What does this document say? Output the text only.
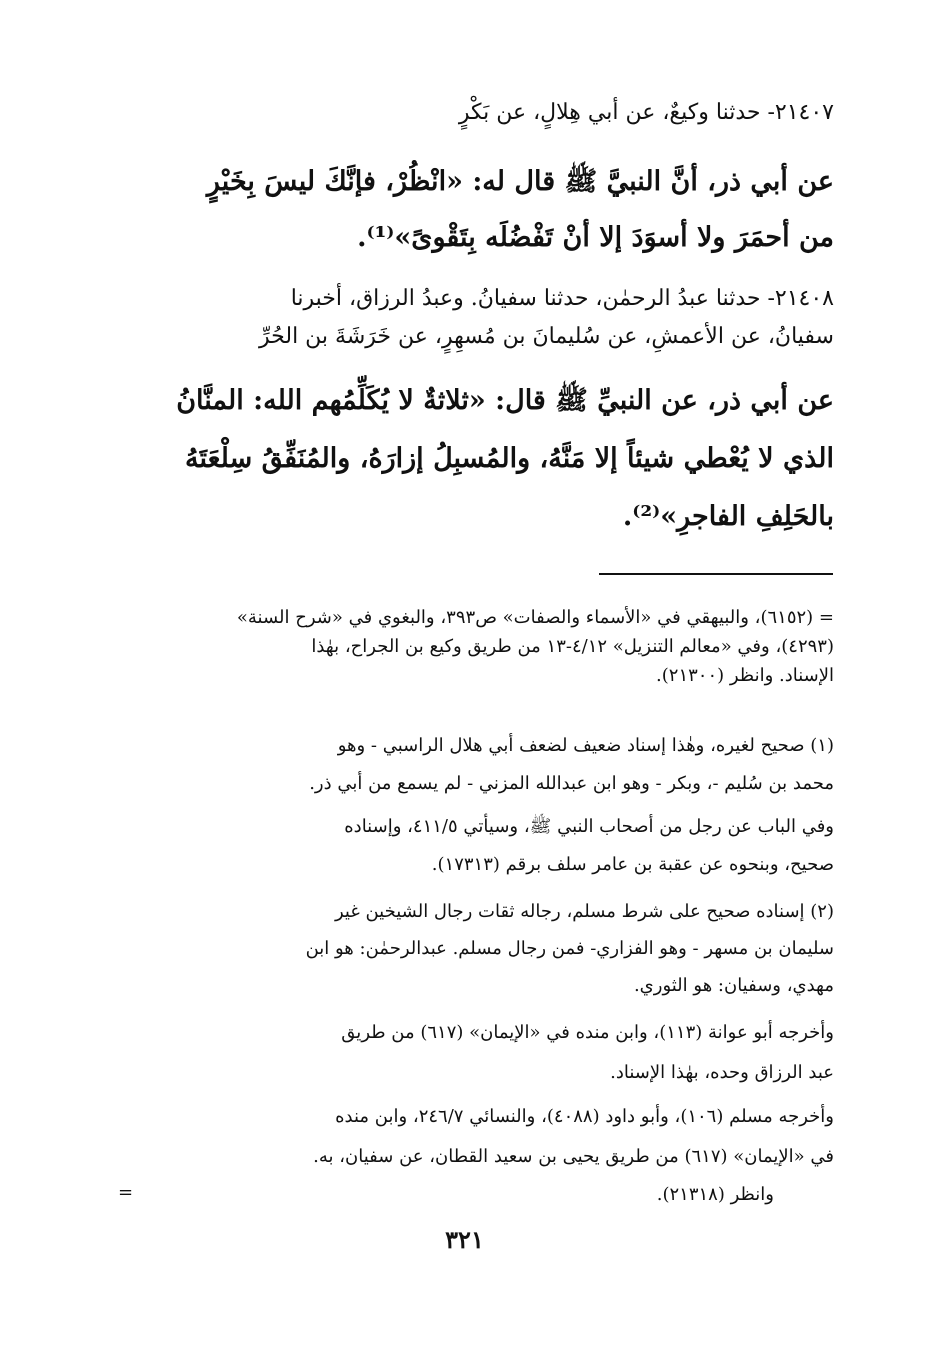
٢١٤٠٧- حدثنا وكيعٌ، عن أبي هِلالٍ، عن بَكْرٍ
عن أبي ذر، أنَّ النبيَّ ﷺ قال له: «انْظُرْ، فإنَّكَ ليسَ بِخَيْرٍ
من أحمَرَ ولا أسوَدَ إلا أنْ تَفْضُلَه بِتَقْوىً»⁽¹⁾.
٢١٤٠٨- حدثنا عبدُ الرحمٰن، حدثنا سفيانُ. وعبدُ الرزاق، أخبرنا
سفيانُ، عن الأعمشِ، عن سُليمانَ بن مُسهِرٍ، عن خَرَشَةَ بن الحُرِّ
عن أبي ذر، عن النبيِّ ﷺ قال: «ثلاثةٌ لا يُكَلِّمُهم الله: المنَّانُ
الذي لا يُعْطي شيئاً إلا مَنَّهُ، والمُسبِلُ إزارَهُ، والمُنَفِّقُ سِلْعَتَهُ
بالحَلِفِ الفاجرِ»⁽²⁾.
= (٦١٥٢)، والبيهقي في «الأسماء والصفات» ص٣٩٣، والبغوي في «شرح السنة»
(٤٢٩٣)، وفي «معالم التنزيل» ٤/١٢-١٣ من طريق وكيع بن الجراح، بهٰذا
الإسناد. وانظر (٢١٣٠٠).
(١) صحيح لغيره، وهٰذا إسناد ضعيف لضعف أبي هلال الراسبي - وهو
محمد بن سُليم -، وبكر - وهو ابن عبدالله المزني - لم يسمع من أبي ذر.
وفي الباب عن رجل من أصحاب النبي ﷺ، وسيأتي ٤١١/٥، وإسناده
صحيح، وبنحوه عن عقبة بن عامر سلف برقم (١٧٣١٣).
(٢) إسناده صحيح على شرط مسلم، رجاله ثقات رجال الشيخين غير
سليمان بن مسهر - وهو الفزاري- فمن رجال مسلم. عبدالرحمٰن: هو ابن
مهدي، وسفيان: هو الثوري.
وأخرجه أبو عوانة (١١٣)، وابن منده في «الإيمان» (٦١٧) من طريق
عبد الرزاق وحده، بهٰذا الإسناد.
وأخرجه مسلم (١٠٦)، وأبو داود (٤٠٨٨)، والنسائي ٢٤٦/٧، وابن منده
في «الإيمان» (٦١٧) من طريق يحيى بن سعيد القطان، عن سفيان، به.
وانظر (٢١٣١٨).
=
٣٢١
